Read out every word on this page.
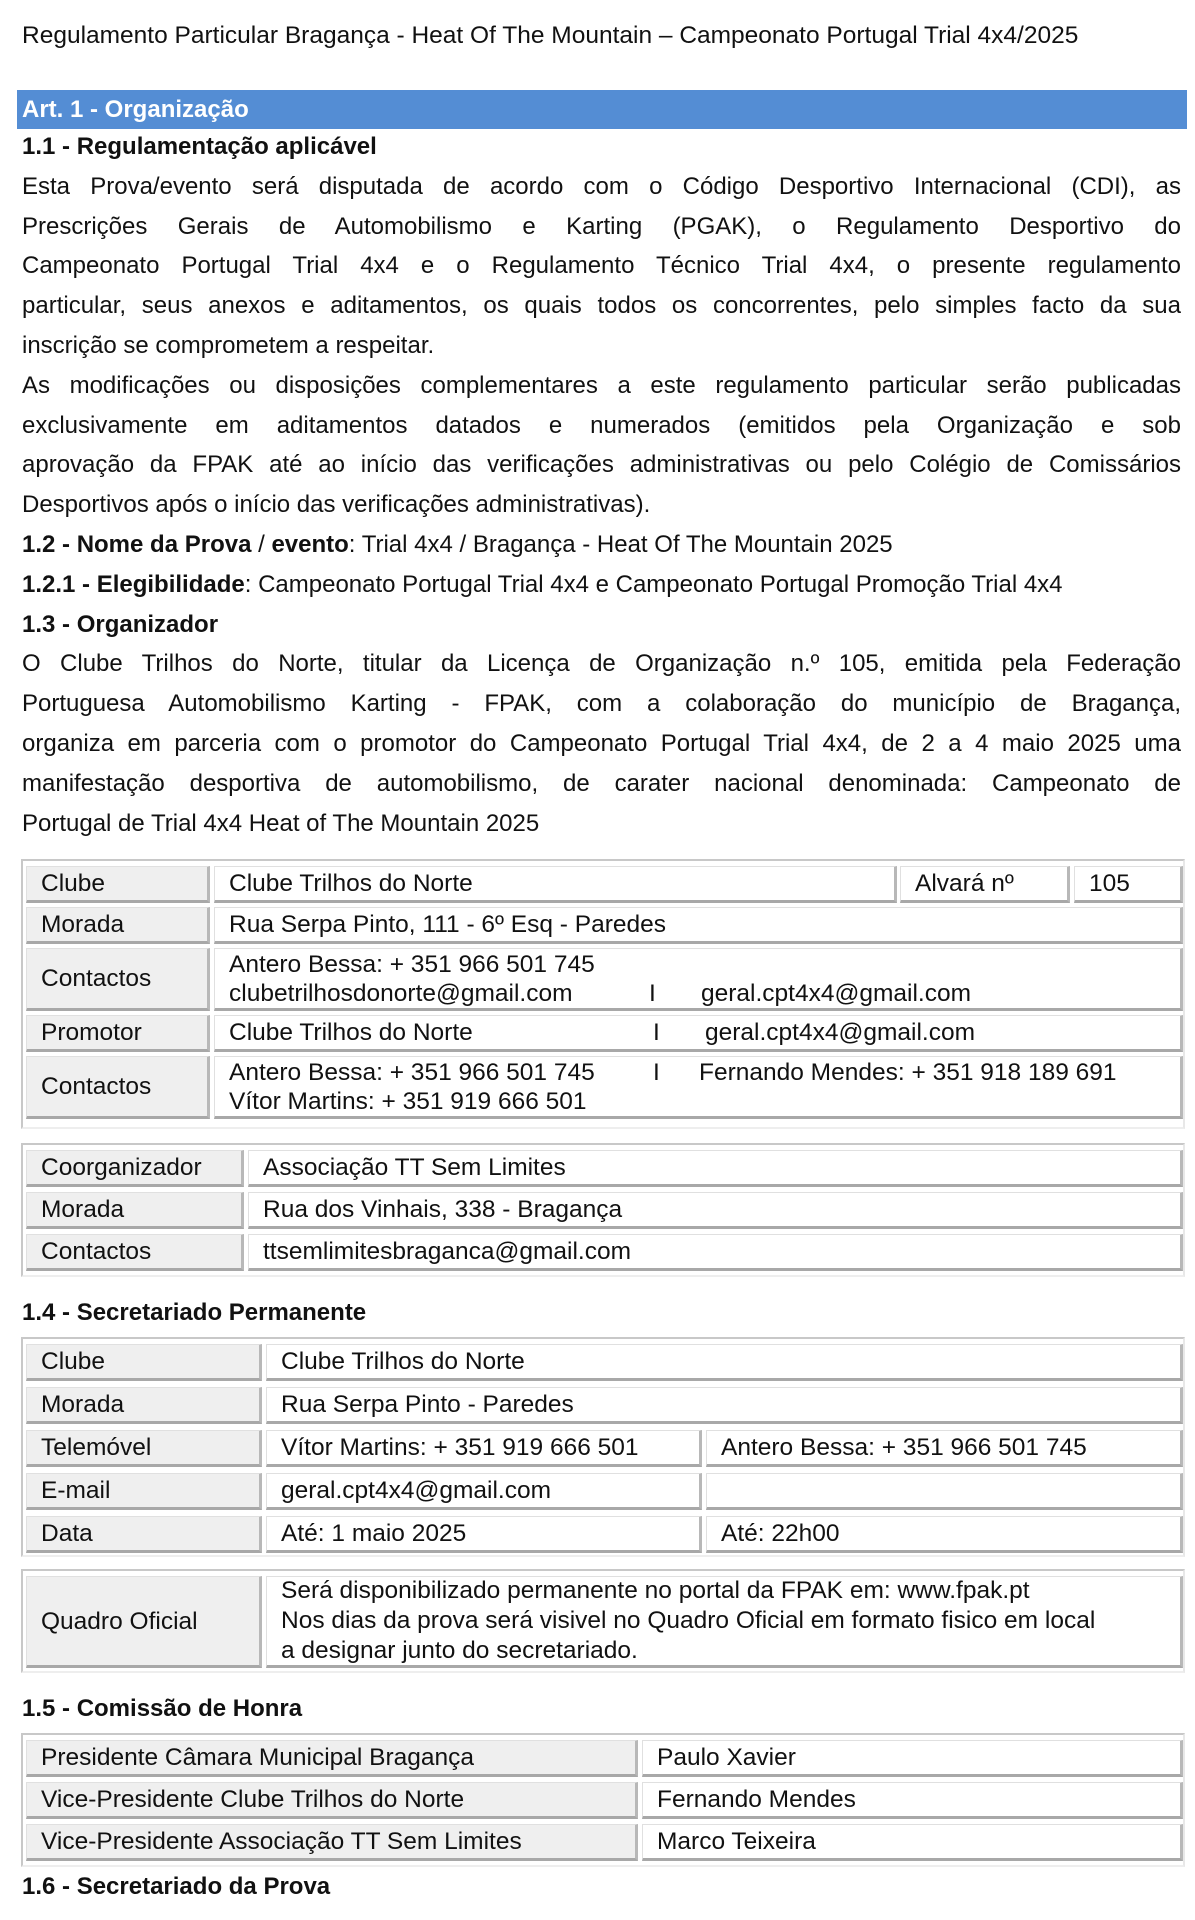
Regulamento Particular Bragança - Heat Of The Mountain – Campeonato Portugal Trial 4x4/2025
Art. 1 - Organização
1.1 - Regulamentação aplicável
Esta Prova/evento será disputada de acordo com o Código Desportivo Internacional (CDI), as
Prescrições Gerais de Automobilismo e Karting (PGAK), o Regulamento Desportivo do
Campeonato Portugal Trial 4x4 e o Regulamento Técnico Trial 4x4, o presente regulamento
particular, seus anexos e aditamentos, os quais todos os concorrentes, pelo simples facto da sua
inscrição se comprometem a respeitar.
As modificações ou disposições complementares a este regulamento particular serão publicadas
exclusivamente em aditamentos datados e numerados (emitidos pela Organização e sob
aprovação da FPAK até ao início das verificações administrativas ou pelo Colégio de Comissários
Desportivos após o início das verificações administrativas).
1.2 - Nome da Prova / evento: Trial 4x4 / Bragança - Heat Of The Mountain 2025
1.2.1 - Elegibilidade: Campeonato Portugal Trial 4x4 e Campeonato Portugal Promoção Trial 4x4
1.3 - Organizador
O Clube Trilhos do Norte, titular da Licença de Organização n.º 105, emitida pela Federação
Portuguesa Automobilismo Karting - FPAK, com a colaboração do município de Bragança,
organiza em parceria com o promotor do Campeonato Portugal Trial 4x4, de 2 a 4 maio 2025 uma
manifestação desportiva de automobilismo, de carater nacional denominada: Campeonato de
Portugal de Trial 4x4 Heat of The Mountain 2025
Clube	Clube Trilhos do Norte	Alvará nº	105
Morada	Rua Serpa Pinto, 111 - 6º Esq - Paredes
Contactos
Antero Bessa: + 351 966 501 745
clubetrilhosdonorte@gmail.com	I geral.cpt4x4@gmail.com
Promotor	Clube Trilhos do Norte	I	geral.cpt4x4@gmail.com
Contactos
Antero Bessa: + 351 966 501 745 I Fernando Mendes: + 351 918 189 691
Vítor Martins: + 351 919 666 501
Coorganizador	Associação TT Sem Limites
Morada	Rua dos Vinhais, 338 - Bragança
Contactos	ttsemlimitesbraganca@gmail.com
1.4 - Secretariado Permanente
Clube	Clube Trilhos do Norte
Morada	Rua Serpa Pinto - Paredes
Telemóvel	Vítor Martins: + 351 919 666 501	Antero Bessa: + 351 966 501 745
E-mail	geral.cpt4x4@gmail.com
Data	Até: 1 maio 2025	Até: 22h00
Quadro Oficial
Será disponibilizado permanente no portal da FPAK em: www.fpak.pt
Nos dias da prova será visivel no Quadro Oficial em formato fisico em local
a designar junto do secretariado.
1.5 - Comissão de Honra
Presidente Câmara Municipal Bragança	Paulo Xavier
Vice-Presidente Clube Trilhos do Norte	Fernando Mendes
Vice-Presidente Associação TT Sem Limites	Marco Teixeira
1.6 - Secretariado da Prova
